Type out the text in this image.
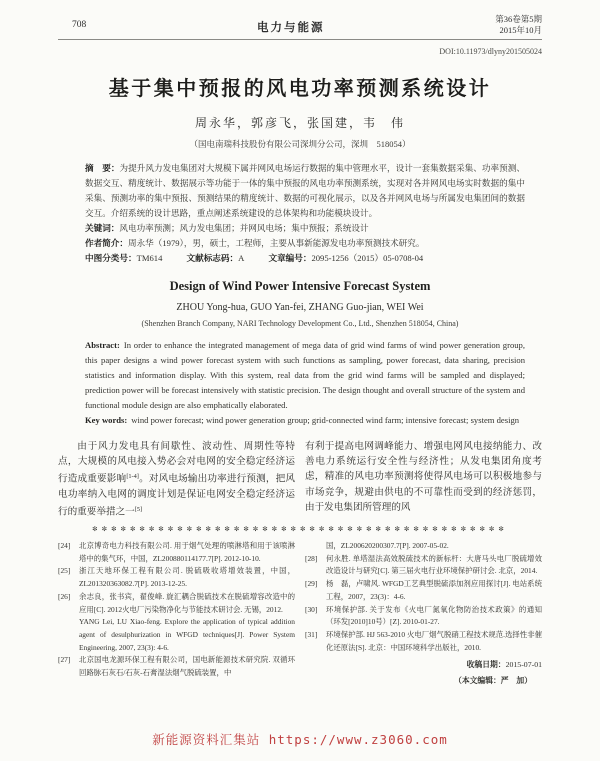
708	电力与能源
第36卷第5期
2015年10月
DOI:10.11973/dlyny201505024
基于集中预报的风电功率预测系统设计
周永华，郭彦飞，张国建，韦　伟
（国电南瑞科技股份有限公司深圳分公司，深圳　518054）

摘　要：为提升风力发电集团对大规模下属并网风电场运行数据的集中管理水平，设计一套集数据采集、功率预测、数据交互、精度统计、数据展示等功能于一体的集中预报的风电功率预测系统，实现对各并网风电场实时数据的集中采集、预测功率的集中预报、预测结果的精度统计、数据的可视化展示，以及各并网风电场与所属发电集团间的数据交互。介绍系统的设计思路，重点阐述系统建设的总体架构和功能模块设计。

关键词：风电功率预测；风力发电集团；并网风电场；集中预报；系统设计

作者简介：周永华（1979），男，硕士，工程师，主要从事新能源发电功率预测技术研究。

中图分类号：TM614	文献标志码：A	文章编号：2095-1256（2015）05-0708-04

Design of Wind Power Intensive Forecast System
ZHOU Yong-hua, GUO Yan-fei, ZHANG Guo-jian, WEI Wei
(Shenzhen Branch Company, NARI Technology Development Co., Ltd., Shenzhen 518054, China)

Abstract: In order to enhance the integrated management of mega data of grid wind farms of wind power generation group, this paper designs a wind power forecast system with such functions as sampling, power forecast, data sharing, precision statistics and information display. With this system, real data from the grid wind farms will be sampled and displayed; prediction power will be forecast intensively with statistic precision. The design thought and overall structure of the system and functional module design are also emphatically elaborated.

Key words: wind power forecast; wind power generation group; grid-connected wind farm; intensive forecast; system design

由于风力发电具有间歇性、波动性、周期性等特点，大规模的风电接入势必会对电网的安全稳定经济运行造成重要影响[1-4]。对风电场输出功率进行预测，把风电功率纳入电网的调度计划是保证电网安全稳定经济运行的重要举措之一[5]

有利于提高电网调峰能力、增强电网风电接纳能力、改善电力系统运行安全性与经济性；从发电集团角度考虑，精准的风电功率预测将使得风电场可以积极地参与市场竞争，规避由供电的不可靠性而受到的经济惩罚，由于发电集团所管理的风

✼✼✼✼✼✼✼✼✼✼✼✼✼✼✼✼✼✼✼✼✼✼✼✼✼✼✼✼✼✼✼✼✼✼✼✼✼✼✼✼✼✼✼✼
[24]	北京博奇电力科技有限公司. 用于烟气处理的喷淋塔和用于该喷淋塔中的集气环，中国，ZL200880114177.7[P]. 2012-10-10.
[25]	浙江天地环保工程有限公司. 脱硫吸收塔增效装置，中国，ZL201320363082.7[P]. 2013-12-25.
[26]	余志良，张书宾，翟俊峰. 旋汇耦合脱硫技术在脱硫增容改造中的应用[C]. 2012火电厂污染物净化与节能技术研讨会. 无锡，2012.
YANG Lei, LU Xiao-feng. Explore the application of typical addition agent of desulphurization in WFGD techniques[J]. Power System Engineering, 2007, 23(3): 4-6.
[27]	北京国电龙源环保工程有限公司，国电新能源技术研究院. 双循环回路脉石灰石/石灰-石膏湿法烟气脱硫装置，中
国，ZL200620200307.7[P]. 2007-05-02.
[28]	何永胜. 单塔湿法高效脱硫技术的新标杆：大唐马头电厂脱硫增效改造设计与研究[C]. 第三届火电行业环境保护研讨会. 北京，2014.
[29]	杨　磊，卢啸风. WFGD工艺典型脱硫添加剂应用探讨[J]. 电站系统工程，2007，23(3)：4-6.
[30]	环境保护部. 关于发布《火电厂氮氧化物防治技术政策》的通知（环发[2010]10号）[Z]. 2010-01-27.
[31]	环境保护部. HJ 563-2010 火电厂烟气脱硝工程技术规范.选择性非催化还原法[S]. 北京：中国环境科学出版社，2010.
收稿日期：2015-07-01
（本文编辑：严　加）
新能源资料汇集站 https://www.z3060.com
